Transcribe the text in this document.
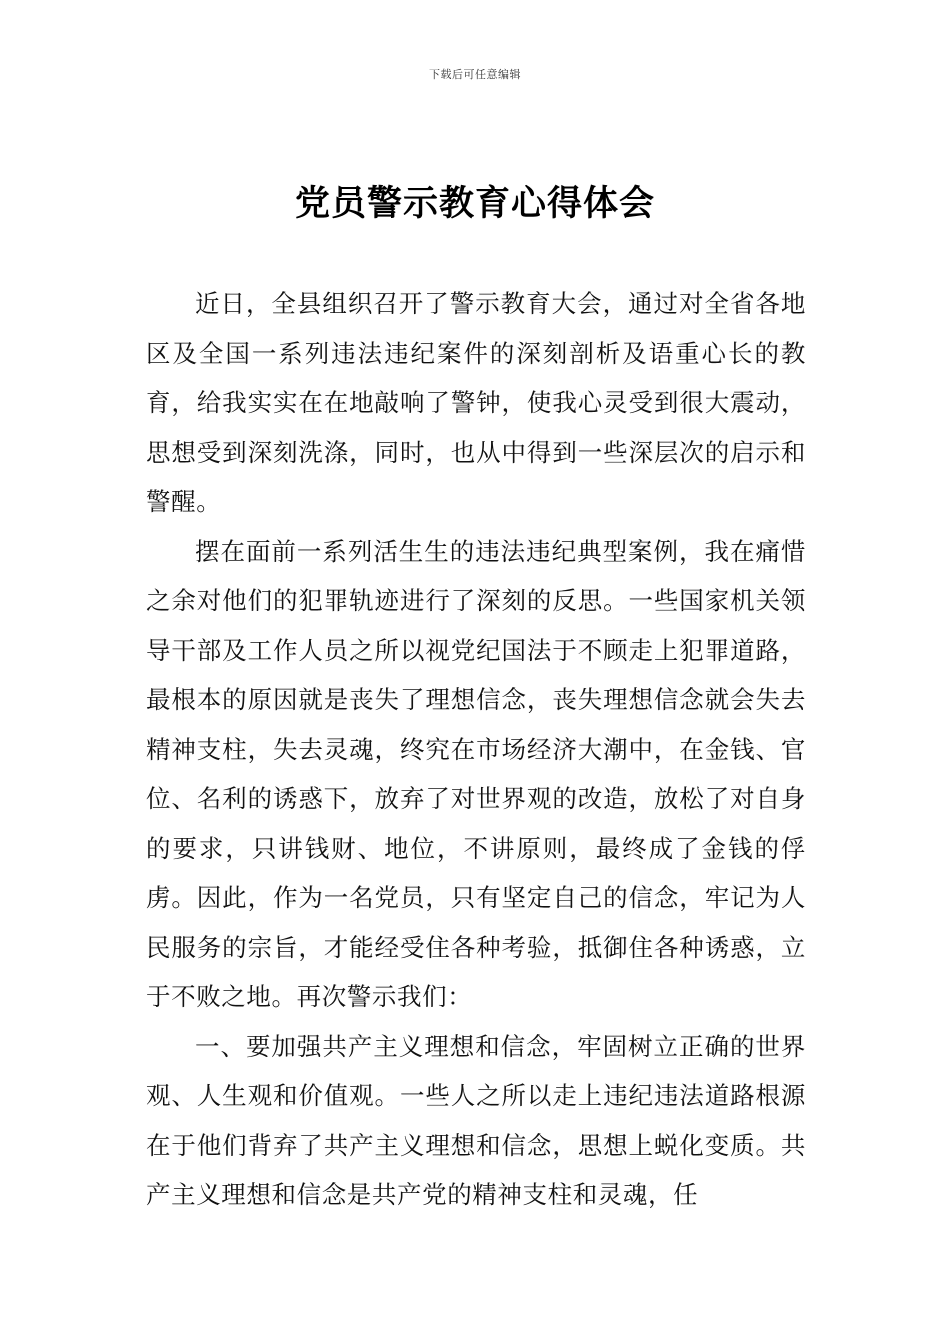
下载后可任意编辑
党员警示教育心得体会

近日，全县组织召开了警示教育大会，通过对全省各地区及全国一系列违法违纪案件的深刻剖析及语重心长的教育，给我实实在在地敲响了警钟，使我心灵受到很大震动，思想受到深刻洗涤，同时，也从中得到一些深层次的启示和警醒。

摆在面前一系列活生生的违法违纪典型案例，我在痛惜之余对他们的犯罪轨迹进行了深刻的反思。一些国家机关领导干部及工作人员之所以视党纪国法于不顾走上犯罪道路，最根本的原因就是丧失了理想信念，丧失理想信念就会失去精神支柱，失去灵魂，终究在市场经济大潮中，在金钱、官位、名利的诱惑下，放弃了对世界观的改造，放松了对自身的要求，只讲钱财、地位，不讲原则，最终成了金钱的俘虏。因此，作为一名党员，只有坚定自己的信念，牢记为人民服务的宗旨，才能经受住各种考验，抵御住各种诱惑，立于不败之地。再次警示我们：

一、要加强共产主义理想和信念，牢固树立正确的世界观、人生观和价值观。一些人之所以走上违纪违法道路根源在于他们背弃了共产主义理想和信念，思想上蜕化变质。共产主义理想和信念是共产党的精神支柱和灵魂，任
